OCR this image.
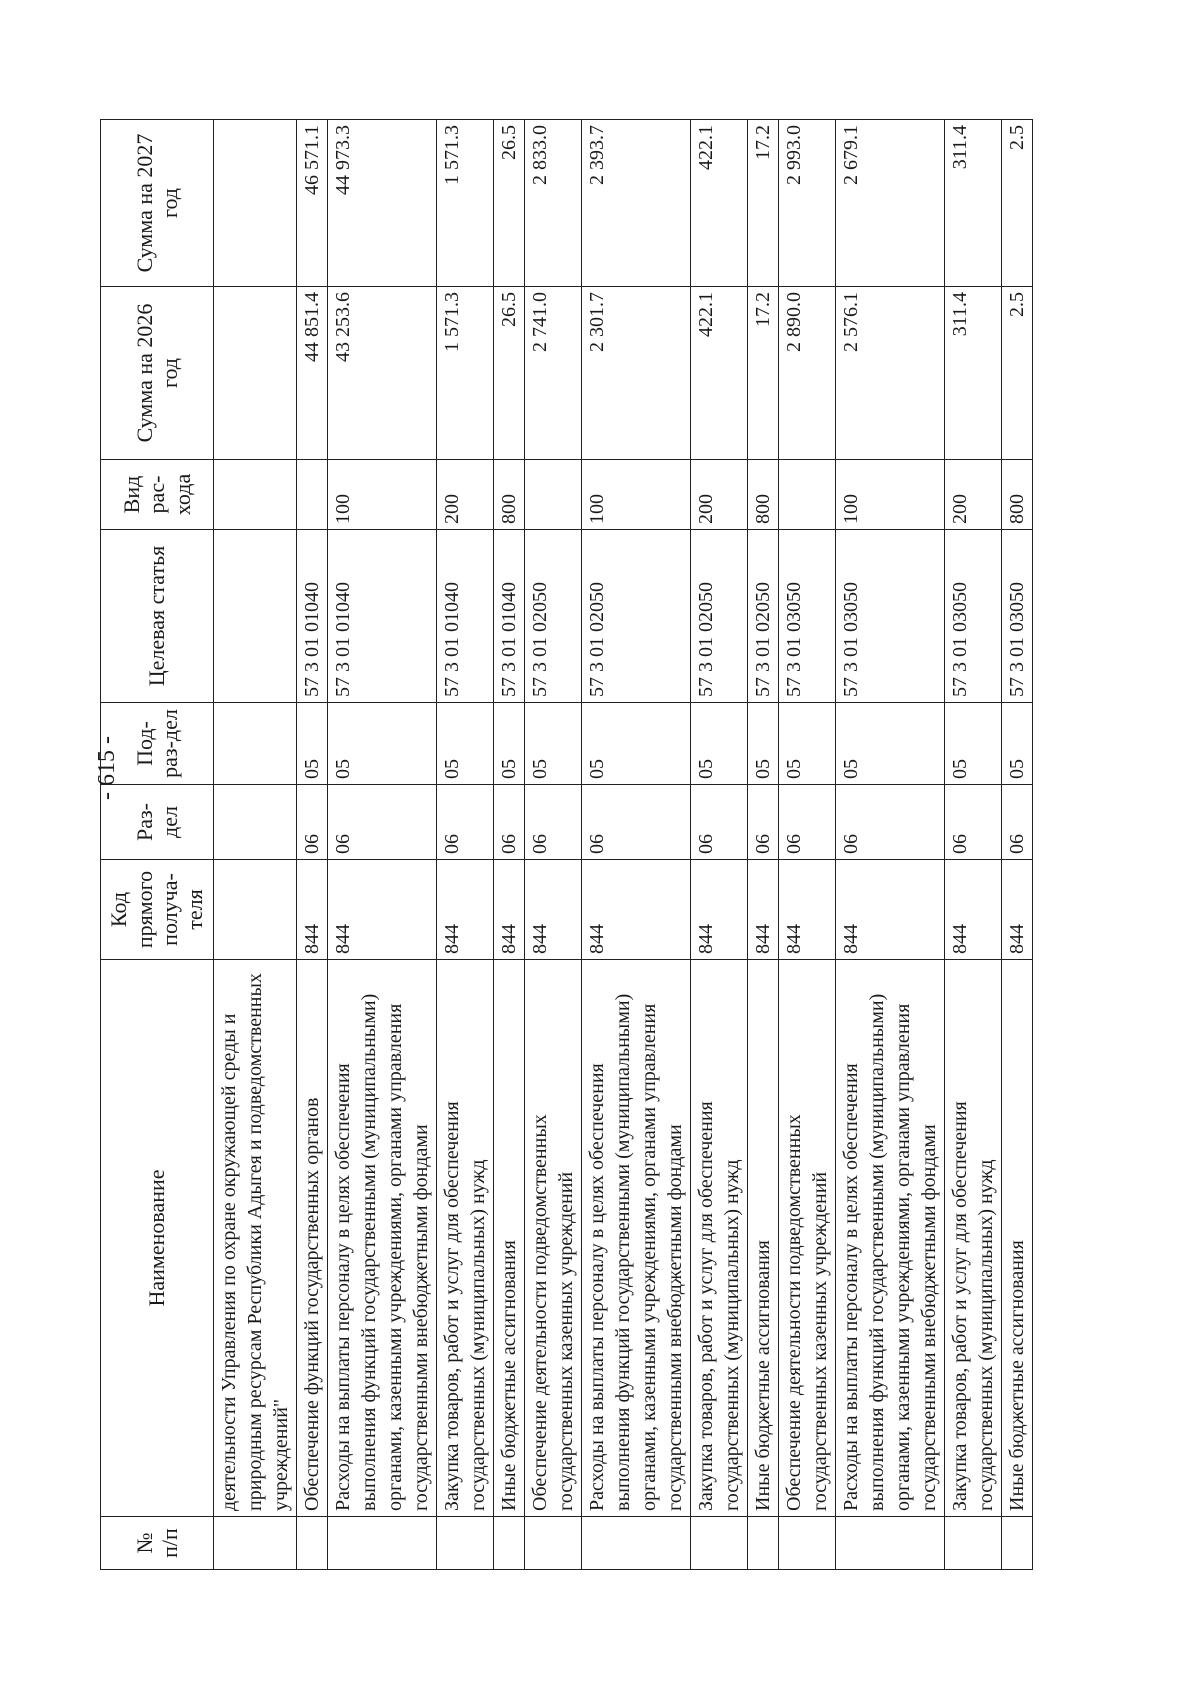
- 615 -
№ п/п	Наименование	Код прямого получа-теля	Раз-дел	Под-раз-дел	Целевая статья	Вид рас-хода	Сумма на 2026 год	Сумма на 2027 год
	деятельности Управления по охране окружающей среды и природным ресурсам Республики Адыгея и подведомственных учреждений"							
	Обеспечение функций государственных органов	844	06	05	57 3 01 01040		44 851.4	46 571.1
	Расходы на выплаты персоналу в целях обеспечения выполнения функций государственными (муниципальными) органами, казенными учреждениями, органами управления государственными внебюджетными фондами	844	06	05	57 3 01 01040	100	43 253.6	44 973.3
	Закупка товаров, работ и услуг для обеспечения государственных (муниципальных) нужд	844	06	05	57 3 01 01040	200	1 571.3	1 571.3
	Иные бюджетные ассигнования	844	06	05	57 3 01 01040	800	26.5	26.5
	Обеспечение деятельности подведомственных государственных казенных учреждений	844	06	05	57 3 01 02050		2 741.0	2 833.0
	Расходы на выплаты персоналу в целях обеспечения выполнения функций государственными (муниципальными) органами, казенными учреждениями, органами управления государственными внебюджетными фондами	844	06	05	57 3 01 02050	100	2 301.7	2 393.7
	Закупка товаров, работ и услуг для обеспечения государственных (муниципальных) нужд	844	06	05	57 3 01 02050	200	422.1	422.1
	Иные бюджетные ассигнования	844	06	05	57 3 01 02050	800	17.2	17.2
	Обеспечение деятельности подведомственных государственных казенных учреждений	844	06	05	57 3 01 03050		2 890.0	2 993.0
	Расходы на выплаты персоналу в целях обеспечения выполнения функций государственными (муниципальными) органами, казенными учреждениями, органами управления государственными внебюджетными фондами	844	06	05	57 3 01 03050	100	2 576.1	2 679.1
	Закупка товаров, работ и услуг для обеспечения государственных (муниципальных) нужд	844	06	05	57 3 01 03050	200	311.4	311.4
	Иные бюджетные ассигнования	844	06	05	57 3 01 03050	800	2.5	2.5
